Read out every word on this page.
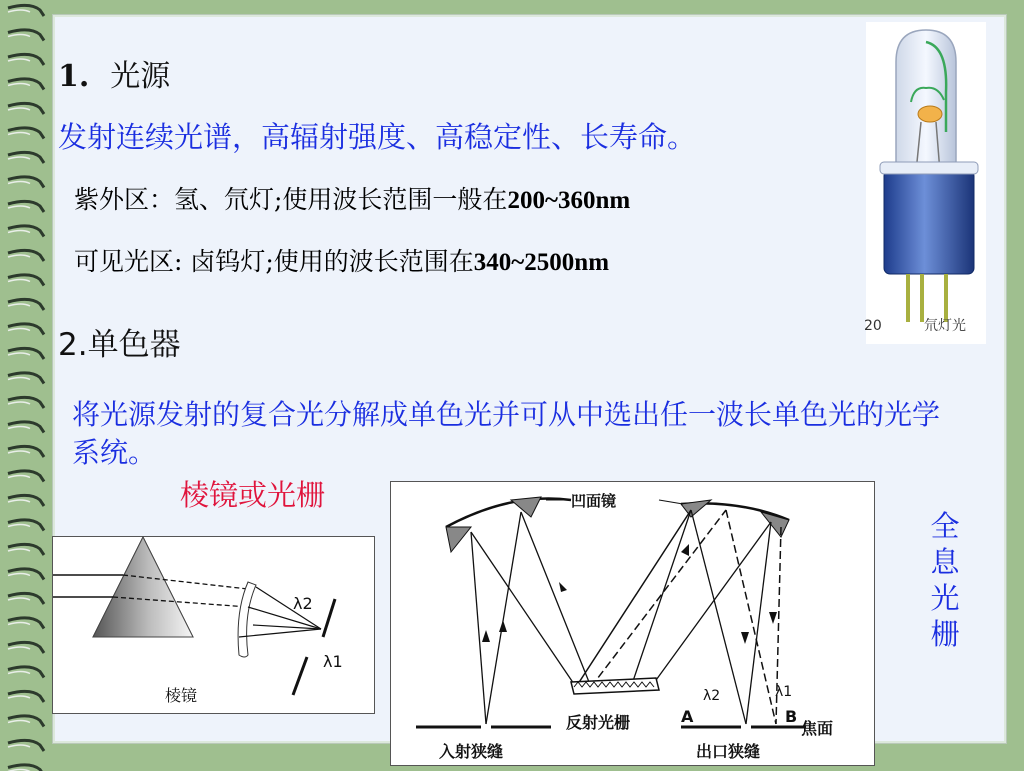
1. 光源
发射连续光谱，高辐射强度、高稳定性、长寿命。
紫外区：氢、氘灯;使用波长范围一般在200~360nm
可见光区: 卤钨灯;使用的波长范围在340~2500nm
2.单色器
将光源发射的复合光分解成单色光并可从中选出任一波长单色光的光学系统。
棱镜或光栅
全息光栅
20	氘灯光
λ2
λ1
棱镜
凹面镜
反射光栅
入射狭缝	出口狭缝
A	B
焦面
λ2	λ1
